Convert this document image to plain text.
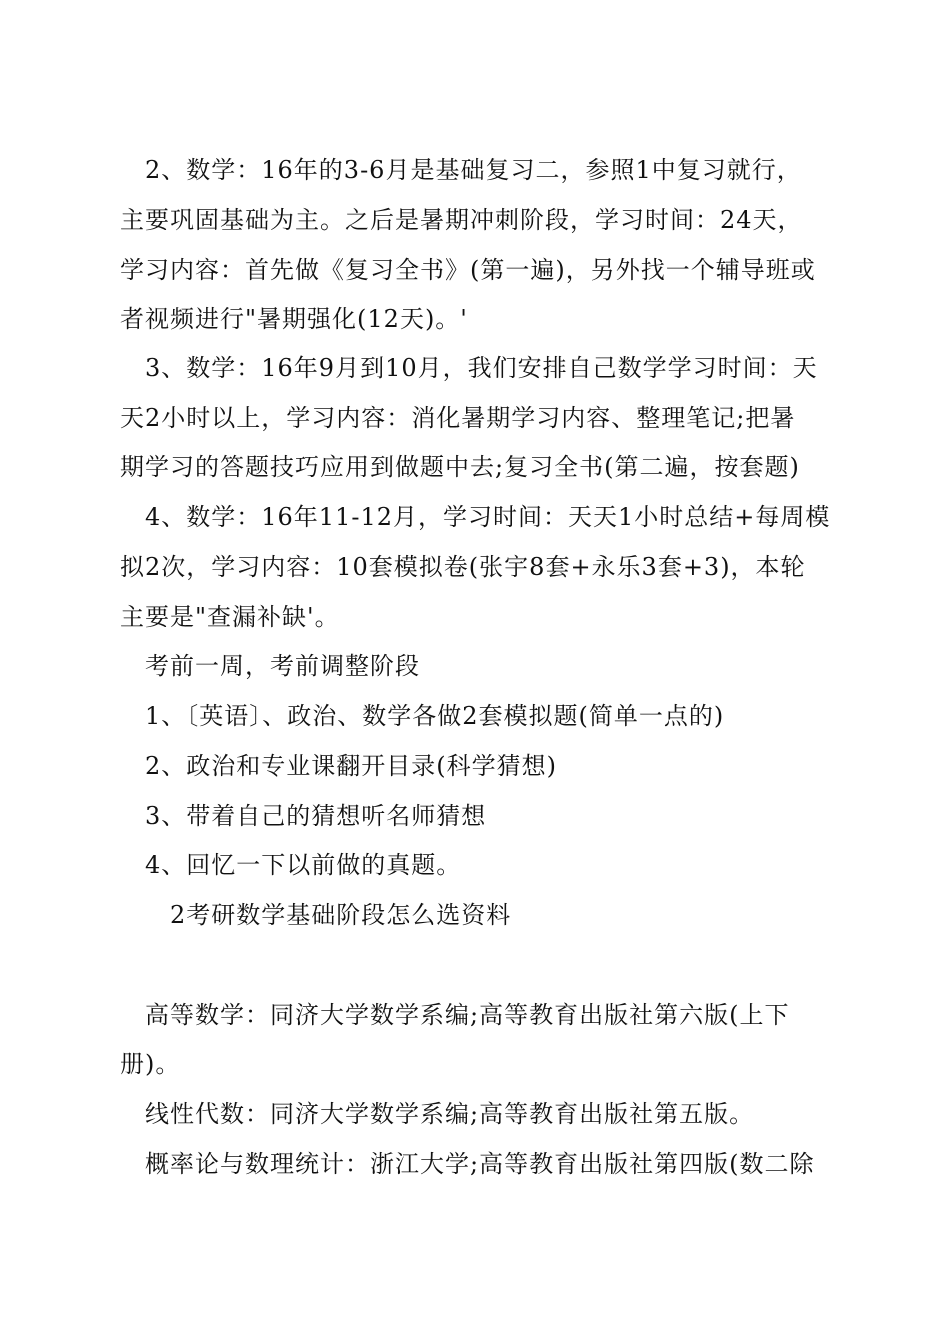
2、数学：16年的3-6月是基础复习二，参照1中复习就行，
主要巩固基础为主。之后是暑期冲刺阶段，学习时间：24天，
学习内容：首先做《复习全书》(第一遍)，另外找一个辅导班或
者视频进行"暑期强化(12天)。'
3、数学：16年9月到10月，我们安排自己数学学习时间：天
天2小时以上，学习内容：消化暑期学习内容、整理笔记;把暑
期学习的答题技巧应用到做题中去;复习全书(第二遍，按套题)
4、数学：16年11-12月，学习时间：天天1小时总结+每周模
拟2次，学习内容：10套模拟卷(张宇8套+永乐3套+3)，本轮
主要是"查漏补缺'。
考前一周，考前调整阶段
1、〔英语〕、政治、数学各做2套模拟题(简单一点的)
2、政治和专业课翻开目录(科学猜想)
3、带着自己的猜想听名师猜想
4、回忆一下以前做的真题。
2考研数学基础阶段怎么选资料
高等数学：同济大学数学系编;高等教育出版社第六版(上下
册)。
线性代数：同济大学数学系编;高等教育出版社第五版。
概率论与数理统计：浙江大学;高等教育出版社第四版(数二除
